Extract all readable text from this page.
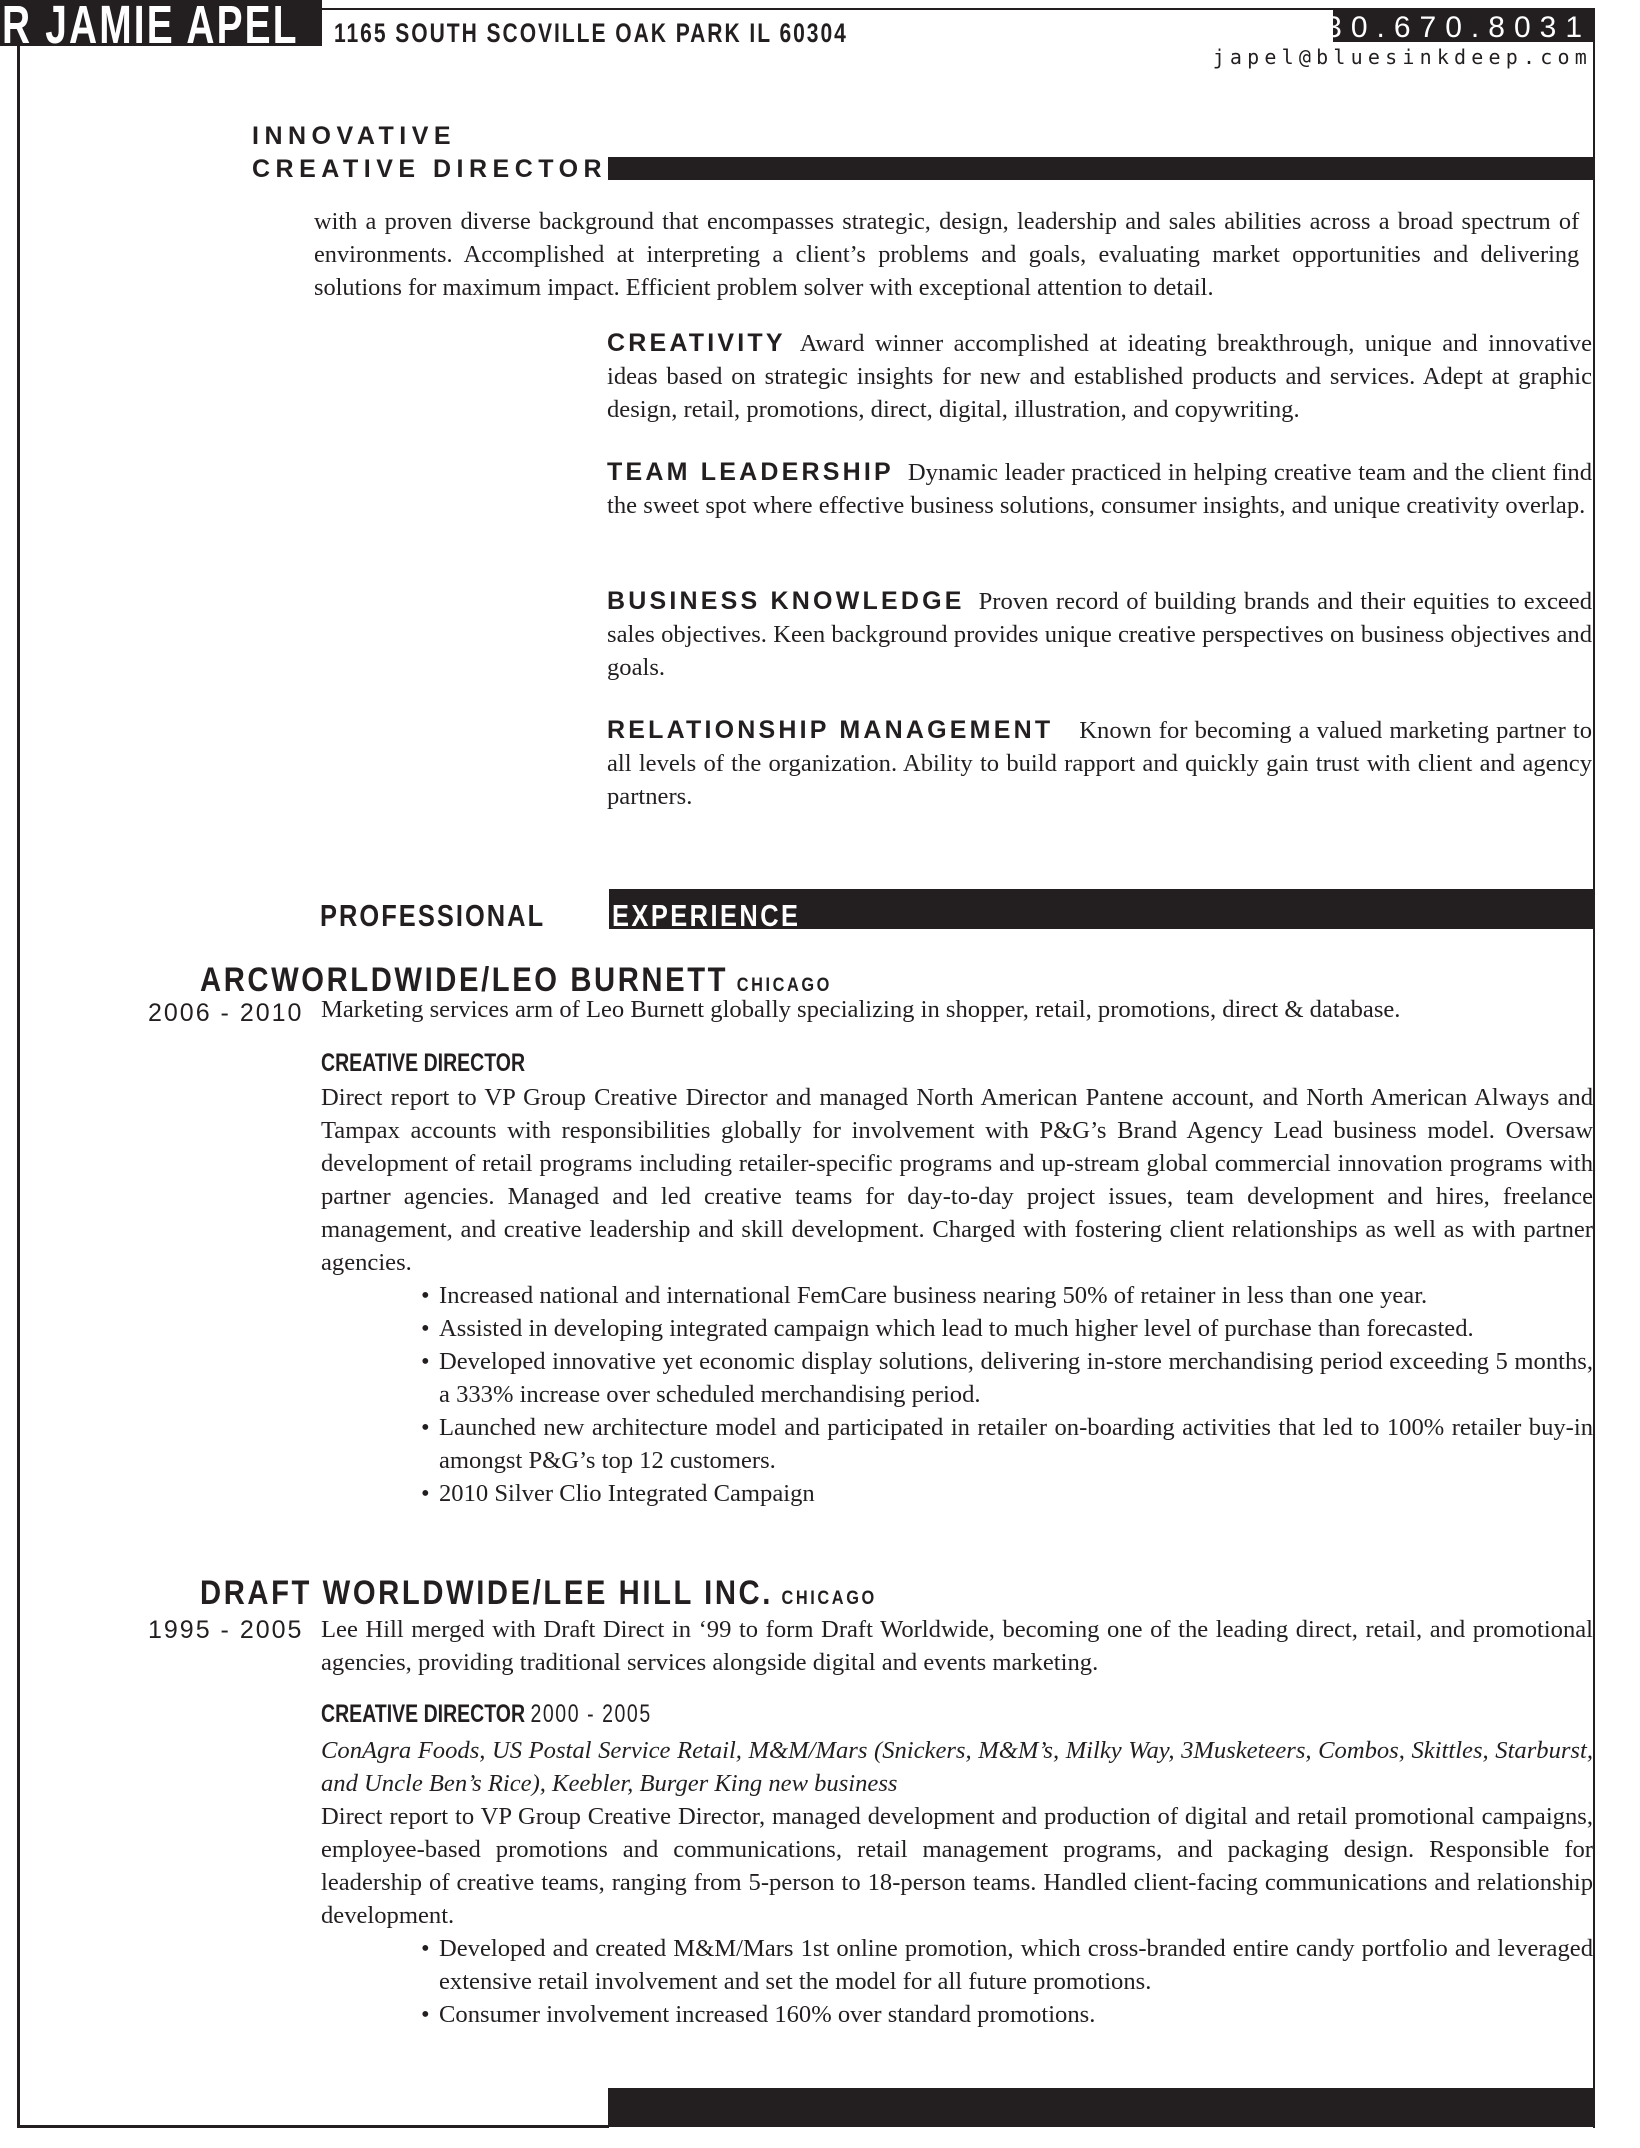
R JAMIE APEL 1165 SOUTH SCOVILLE OAK PARK IL 60304	630.670.8031
japel@bluesinkdeep.com
INNOVATIVE
CREATIVE DIRECTOR

with a proven diverse background that encompasses strategic, design, leadership and sales abilities across a broad spectrum of environments. Accomplished at interpreting a client’s problems and goals, evaluating market opportunities and delivering solutions for maximum impact. Efficient problem solver with exceptional attention to detail.

CREATIVITY Award winner accomplished at ideating breakthrough, unique and innovative ideas based on strategic insights for new and established products and services. Adept at graphic design, retail, promotions, direct, digital, illustration, and copywriting.
TEAM LEADERSHIP Dynamic leader practiced in helping creative team and the client find the sweet spot where effective business solutions, consumer insights, and unique creativity overlap.
BUSINESS KNOWLEDGE Proven record of building brands and their equities to exceed sales objectives. Keen background provides unique creative perspectives on business objectives and goals.
RELATIONSHIP MANAGEMENT Known for becoming a valued marketing partner to all levels of the organization. Ability to build rapport and quickly gain trust with client and agency partners.
PROFESSIONAL EXPERIENCE
ARCWORLDWIDE/LEO BURNETT CHICAGO
2006 - 2010 Marketing services arm of Leo Burnett globally specializing in shopper, retail, promotions, direct & database.
CREATIVE DIRECTOR
Direct report to VP Group Creative Director and managed North American Pantene account, and North American Always and Tampax accounts with responsibilities globally for involvement with P&G’s Brand Agency Lead business model. Oversaw development of retail programs including retailer-specific programs and up-stream global commercial innovation programs with partner agencies. Managed and led creative teams for day-to-day project issues, team development and hires, freelance management, and creative leadership and skill development. Charged with fostering client relationships as well as with partner agencies.
• Increased national and international FemCare business nearing 50% of retainer in less than one year.
• Assisted in developing integrated campaign which lead to much higher level of purchase than forecasted.
• Developed innovative yet economic display solutions, delivering in-store merchandising period exceeding 5 months, a 333% increase over scheduled merchandising period.
• Launched new architecture model and participated in retailer on-boarding activities that led to 100% retailer buy-in amongst P&G’s top 12 customers.
• 2010 Silver Clio Integrated Campaign
DRAFT WORLDWIDE/LEE HILL INC. CHICAGO
1995 - 2005 Lee Hill merged with Draft Direct in ‘99 to form Draft Worldwide, becoming one of the leading direct, retail, and promotional agencies, providing traditional services alongside digital and events marketing.
CREATIVE DIRECTOR 2000 - 2005
ConAgra Foods, US Postal Service Retail, M&M/Mars (Snickers, M&M’s, Milky Way, 3Musketeers, Combos, Skittles, Starburst, and Uncle Ben’s Rice), Keebler, Burger King new business
Direct report to VP Group Creative Director, managed development and production of digital and retail promotional campaigns, employee-based promotions and communications, retail management programs, and packaging design. Responsible for leadership of creative teams, ranging from 5-person to 18-person teams. Handled client-facing communications and relationship development.
• Developed and created M&M/Mars 1st online promotion, which cross-branded entire candy portfolio and leveraged extensive retail involvement and set the model for all future promotions.
• Consumer involvement increased 160% over standard promotions.
